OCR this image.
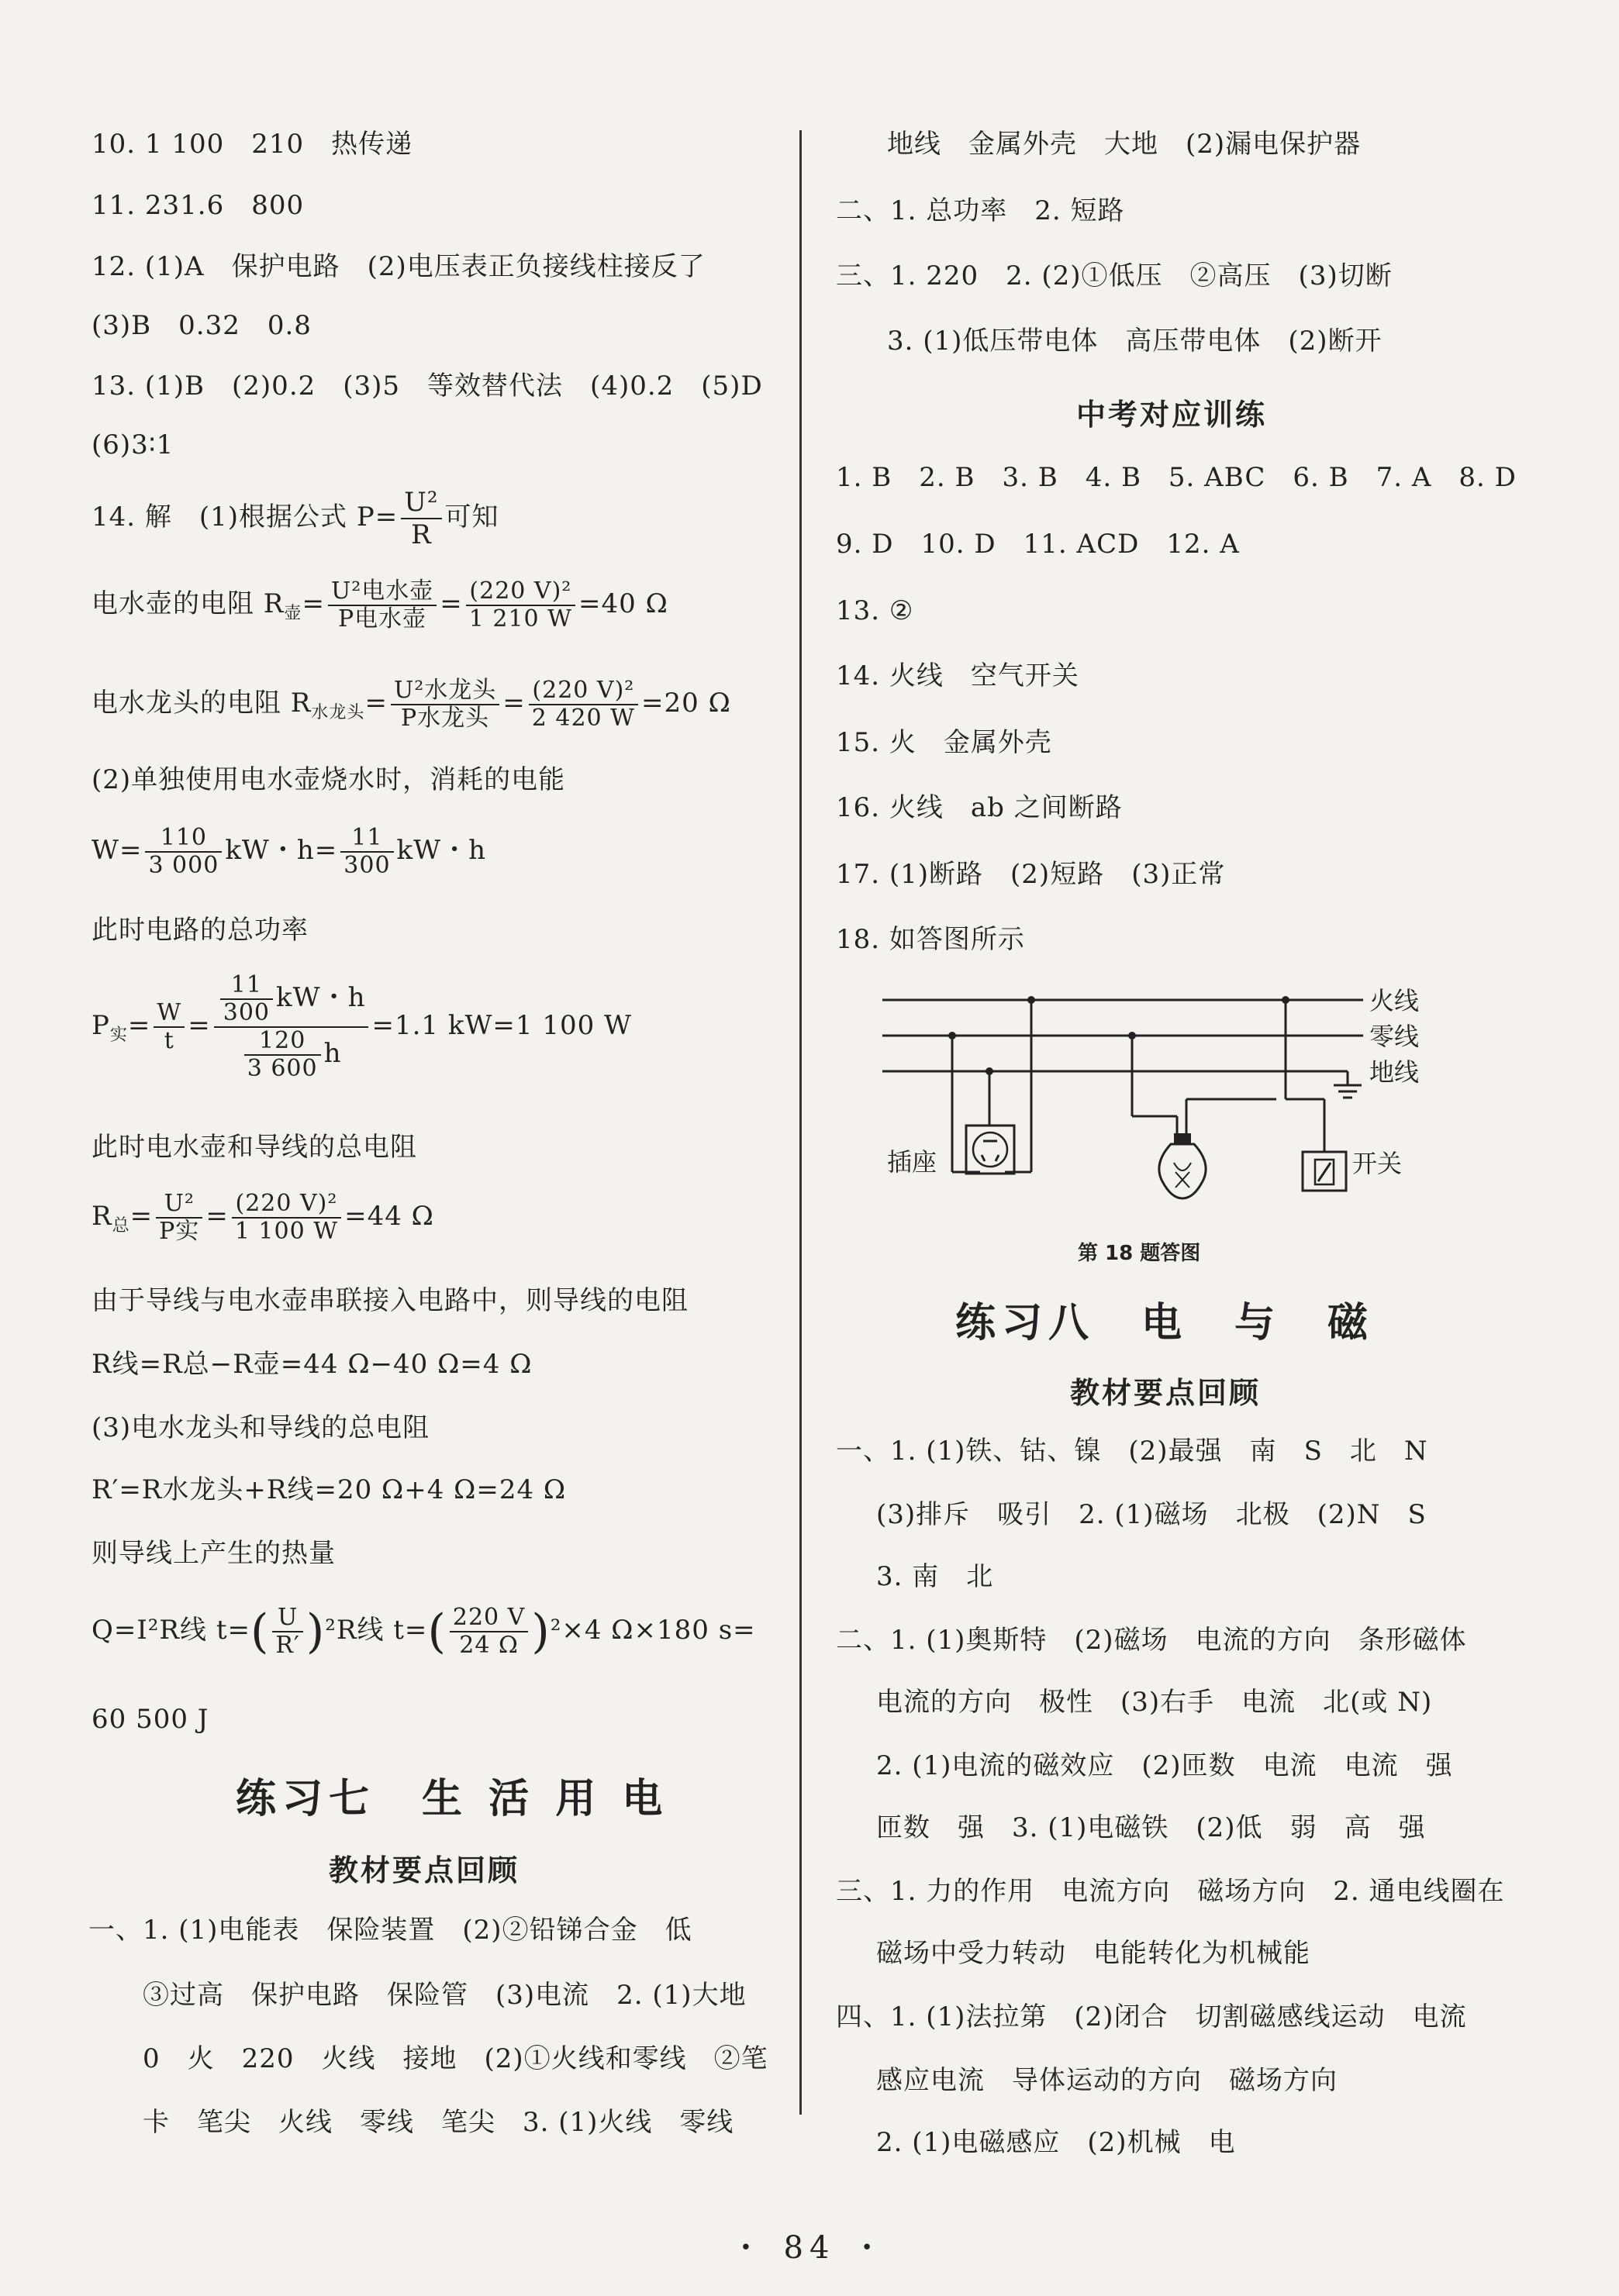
10. 1 100　210　热传递
11. 231.6　800
12. (1)A　保护电路　(2)电压表正负接线柱接反了
(3)B　0.32　0.8
13. (1)B　(2)0.2　(3)5　等效替代法　(4)0.2　(5)D
(6)3∶1
14. 解　(1)根据公式 $P= \frac{\text{U²}}{R}$ 可知
电水壶的电阻 $R_壶= \frac{\text{U²电水壶}}{\text{P电水壶}} = \frac{\text{(220 V)²}}{1 210 W} =40$ Ω
电水龙头的电阻 $R_{水龙头}= \frac{\text{U²水龙头}}{\text{P水龙头}} = \frac{\text{(220 V)²}}{2 420 W} =20$ Ω
(2)单独使用电水壶烧水时，消耗的电能
$W= \frac{110}{3 000}$ kW・$h= \frac{11}{300}$ kW・h
此时电路的总功率
$P_实= \frac{W}{t} = \frac{\frac{11}{300} kW・h}{\frac{120}{3 600} h} =1.1$ kW=1 100 W
此时电水壶和导线的总电阻
$R_总= \frac{\text{U²}}{\text{P实}} = \frac{\text{(220 V)²}}{1 100 W} =44$ Ω
由于导线与电水壶串联接入电路中，则导线的电阻
R线=R总−R壶=44 Ω−40 Ω=4 Ω
(3)电水龙头和导线的总电阻
R′=R水龙头+R线=20 Ω+4 Ω=24 Ω
则导线上产生的热量
Q=I²R线 $t=( \frac{U}{R'} )^2R$线 $t=( \frac{220 V}{24 \Omega} )^2\times 4$ Ω×180 s=
60 500 J
练习七　生 活 用 电
教材要点回顾
一、1. (1)电能表　保险装置　(2)②铅锑合金　低
③过高　保护电路　保险管　(3)电流　2. (1)大地
0　火　220　火线　接地　(2)①火线和零线　②笔
卡　笔尖　火线　零线　笔尖　3. (1)火线　零线
地线　金属外壳　大地　(2)漏电保护器
二、1. 总功率　2. 短路
三、1. 220　2. (2)①低压　②高压　(3)切断
3. (1)低压带电体　高压带电体　(2)断开
中考对应训练
1. B　2. B　3. B　4. B　5. ABC　6. B　7. A　8. D
9. D　10. D　11. ACD　12. A
13. ②
14. 火线　空气开关
15. 火　金属外壳
16. 火线　ab 之间断路
17. (1)断路　(2)短路　(3)正常
18. 如答图所示
火线
零线
地线
插座	开关
第 18 题答图
练习八　电　与　磁
教材要点回顾
一、1. (1)铁、钴、镍　(2)最强　南　S　北　N
(3)排斥　吸引　2. (1)磁场　北极　(2)N　S
3. 南　北
二、1. (1)奥斯特　(2)磁场　电流的方向　条形磁体
电流的方向　极性　(3)右手　电流　北(或 N)
2. (1)电流的磁效应　(2)匝数　电流　电流　强
匝数　强　3. (1)电磁铁　(2)低　弱　高　强
三、1. 力的作用　电流方向　磁场方向　2. 通电线圈在
磁场中受力转动　电能转化为机械能
四、1. (1)法拉第　(2)闭合　切割磁感线运动　电流
感应电流　导体运动的方向　磁场方向
2. (1)电磁感应　(2)机械　电
・ 84 ・
